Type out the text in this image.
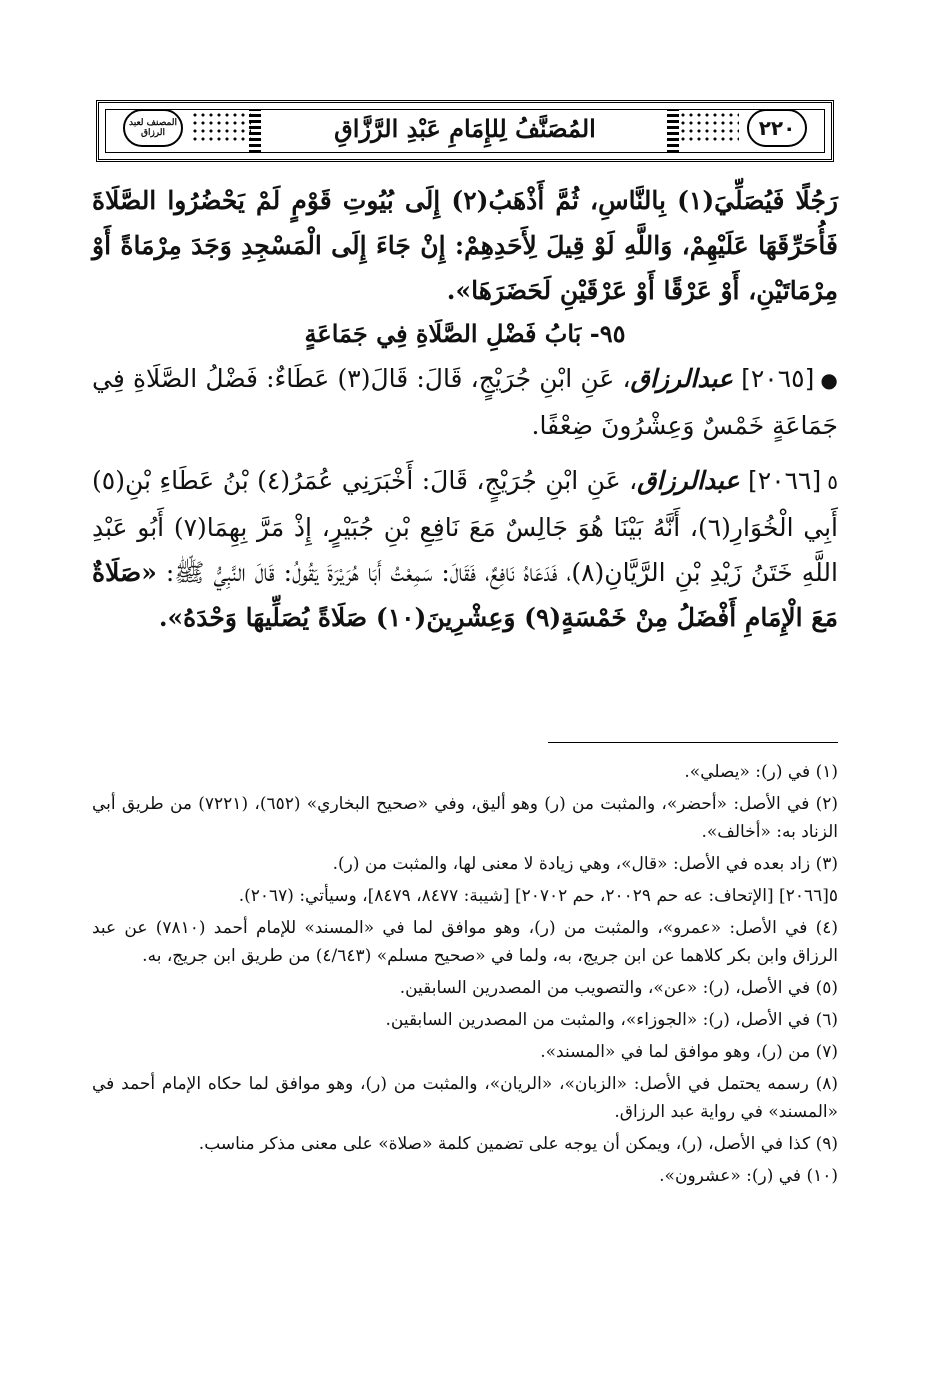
٢٢٠
المُصَنَّفُ لِلإِمَامِ عَبْدِ الرَّزَّاقِ
المصنف لعبد الرزاق

رَجُلًا فَيُصَلِّيَ(١) بِالنَّاسِ، ثُمَّ أَذْهَبُ(٢) إِلَى بُيُوتِ قَوْمٍ لَمْ يَحْضُرُوا الصَّلَاةَ فَأُحَرِّقَهَا عَلَيْهِمْ، وَاللَّهِ لَوْ قِيلَ لِأَحَدِهِمْ: إِنْ جَاءَ إِلَى الْمَسْجِدِ وَجَدَ مِرْمَاةً أَوْ مِرْمَاتَيْنِ، أَوْ عَرْقًا أَوْ عَرْقَيْنِ لَحَضَرَهَا».

٩٥- بَابُ فَضْلِ الصَّلَاةِ فِي جَمَاعَةٍ

●[٢٠٦٥] عبدالرزاق، عَنِ ابْنِ جُرَيْجٍ، قَالَ: قَالَ(٣) عَطَاءٌ: فَضْلُ الصَّلَاةِ فِي جَمَاعَةٍ خَمْسٌ وَعِشْرُونَ ضِعْفًا.

٥[٢٠٦٦] عبدالرزاق، عَنِ ابْنِ جُرَيْجٍ، قَالَ: أَخْبَرَنِي عُمَرُ(٤) بْنُ عَطَاءِ بْنِ(٥) أَبِي الْخُوَارِ(٦)، أَنَّهُ بَيْنَا هُوَ جَالِسٌ مَعَ نَافِعِ بْنِ جُبَيْرٍ، إِذْ مَرَّ بِهِمَا(٧) أَبُو عَبْدِ اللَّهِ خَتَنُ زَيْدِ بْنِ الرَّيَّانِ(٨)، فَدَعَاهُ نَافِعٌ، فَقَالَ: سَمِعْتُ أَبَا هُرَيْرَةَ يَقُولُ: قَالَ النَّبِيُّ ﷺ: «صَلَاةٌ مَعَ الْإِمَامِ أَفْضَلُ مِنْ خَمْسَةٍ(٩) وَعِشْرِينَ(١٠) صَلَاةً يُصَلِّيهَا وَحْدَهُ».

(١) في (ر): «يصلي».

(٢) في الأصل: «أحضر»، والمثبت من (ر) وهو أليق، وفي «صحيح البخاري» (٦٥٢)، (٧٢٢١) من طريق أبي الزناد به: «أخالف».

(٣) زاد بعده في الأصل: «قال»، وهي زيادة لا معنى لها، والمثبت من (ر).

٥[٢٠٦٦] [الإتحاف: عه حم ٢٠٠٢٩، حم ٢٠٧٠٢] [شيبة: ٨٤٧٧، ٨٤٧٩]، وسيأتي: (٢٠٦٧).

(٤) في الأصل: «عمرو»، والمثبت من (ر)، وهو موافق لما في «المسند» للإمام أحمد (٧٨١٠) عن عبد الرزاق وابن بكر كلاهما عن ابن جريج، به، ولما في «صحيح مسلم» (٤/٦٤٣) من طريق ابن جريج، به.

(٥) في الأصل، (ر): «عن»، والتصويب من المصدرين السابقين.

(٦) في الأصل، (ر): «الجوزاء»، والمثبت من المصدرين السابقين.

(٧) من (ر)، وهو موافق لما في «المسند».

(٨) رسمه يحتمل في الأصل: «الزبان»، «الريان»، والمثبت من (ر)، وهو موافق لما حكاه الإمام أحمد في «المسند» في رواية عبد الرزاق.

(٩) كذا في الأصل، (ر)، ويمكن أن يوجه على تضمين كلمة «صلاة» على معنى مذكر مناسب.

(١٠) في (ر): «عشرون».
